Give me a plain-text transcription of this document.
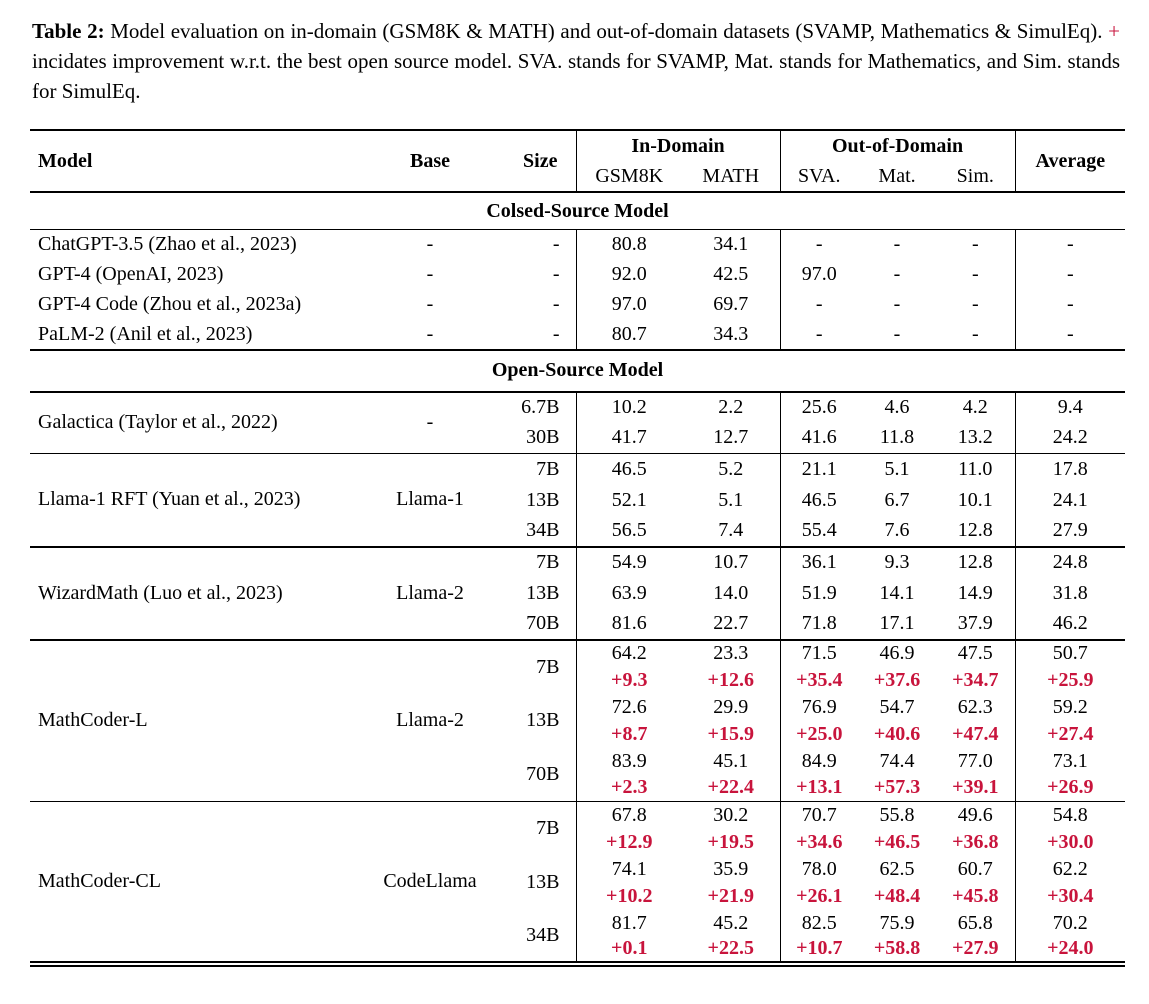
Table 2: Model evaluation on in-domain (GSM8K & MATH) and out-of-domain datasets (SVAMP, Mathematics & SimulEq). + incidates improvement w.r.t. the best open source model. SVA. stands for SVAMP, Mat. stands for Mathematics, and Sim. stands for SimulEq.
Model	Base	Size	In-Domain		Out-of-Domain			Average
			GSM8K	MATH	SVA.	Mat.	Sim.	
Colsed-Source Model								
ChatGPT-3.5 (Zhao et al., 2023)	-	-	80.8	34.1	-	-	-	-
GPT-4 (OpenAI, 2023)	-	-	92.0	42.5	97.0	-	-	-
GPT-4 Code (Zhou et al., 2023a)	-	-	97.0	69.7	-	-	-	-
PaLM-2 (Anil et al., 2023)	-	-	80.7	34.3	-	-	-	-
Open-Source Model								
Galactica (Taylor et al., 2022)	-	6.7B	10.2	2.2	25.6	4.6	4.2	9.4
		30B	41.7	12.7	41.6	11.8	13.2	24.2
Llama-1 RFT (Yuan et al., 2023)	Llama-1	7B	46.5	5.2	21.1	5.1	11.0	17.8
		13B	52.1	5.1	46.5	6.7	10.1	24.1
		34B	56.5	7.4	55.4	7.6	12.8	27.9
WizardMath (Luo et al., 2023)	Llama-2	7B	54.9	10.7	36.1	9.3	12.8	24.8
		13B	63.9	14.0	51.9	14.1	14.9	31.8
		70B	81.6	22.7	71.8	17.1	37.9	46.2
MathCoder-L	Llama-2	7B	64.2	23.3	71.5	46.9	47.5	50.7
			+9.3	+12.6	+35.4	+37.6	+34.7	+25.9
		13B	72.6	29.9	76.9	54.7	62.3	59.2
			+8.7	+15.9	+25.0	+40.6	+47.4	+27.4
		70B	83.9	45.1	84.9	74.4	77.0	73.1
			+2.3	+22.4	+13.1	+57.3	+39.1	+26.9
MathCoder-CL	CodeLlama	7B	67.8	30.2	70.7	55.8	49.6	54.8
			+12.9	+19.5	+34.6	+46.5	+36.8	+30.0
		13B	74.1	35.9	78.0	62.5	60.7	62.2
			+10.2	+21.9	+26.1	+48.4	+45.8	+30.4
		34B	81.7	45.2	82.5	75.9	65.8	70.2
			+0.1	+22.5	+10.7	+58.8	+27.9	+24.0
